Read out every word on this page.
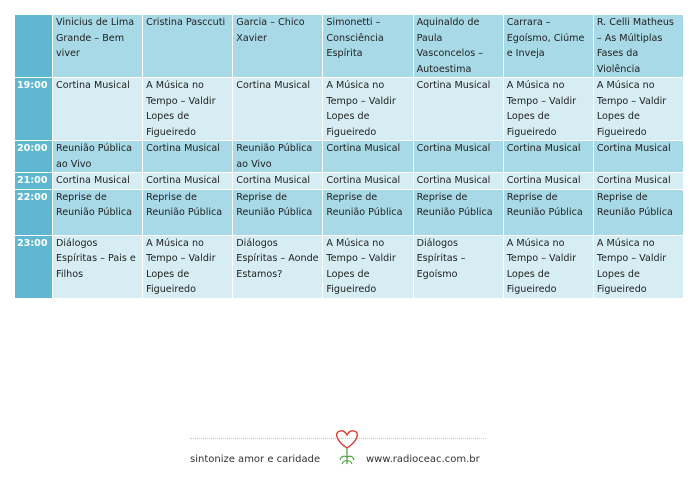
	Vinicius de Lima Grande – Bem viver	Cristina Pasccuti	Garcia – Chico Xavier	Simonetti – Consciência Espírita	Aquinaldo de Paula Vasconcelos – Autoestima	Carrara – Egoísmo, Ciúme e Inveja	R. Celli Matheus – As Múltiplas Fases da Violência
19:00	Cortina Musical	A Música no Tempo – Valdir Lopes de Figueiredo	Cortina Musical	A Música no Tempo – Valdir Lopes de Figueiredo	Cortina Musical	A Música no Tempo – Valdir Lopes de Figueiredo	A Música no Tempo – Valdir Lopes de Figueiredo
20:00	Reunião Pública ao Vivo	Cortina Musical	Reunião Pública ao Vivo	Cortina Musical	Cortina Musical	Cortina Musical	Cortina Musical
21:00	Cortina Musical	Cortina Musical	Cortina Musical	Cortina Musical	Cortina Musical	Cortina Musical	Cortina Musical
22:00	Reprise de Reunião Pública	Reprise de Reunião Pública	Reprise de Reunião Pública	Reprise de Reunião Pública	Reprise de Reunião Pública	Reprise de Reunião Pública	Reprise de Reunião Pública
23:00	Diálogos Espíritas – Pais e Filhos	A Música no Tempo – Valdir Lopes de Figueiredo	Diálogos Espíritas – Aonde Estamos?	A Música no Tempo – Valdir Lopes de Figueiredo	Diálogos Espíritas – Egoísmo	A Música no Tempo – Valdir Lopes de Figueiredo	A Música no Tempo – Valdir Lopes de Figueiredo
sintonize amor e caridade	www.radioceac.com.br
